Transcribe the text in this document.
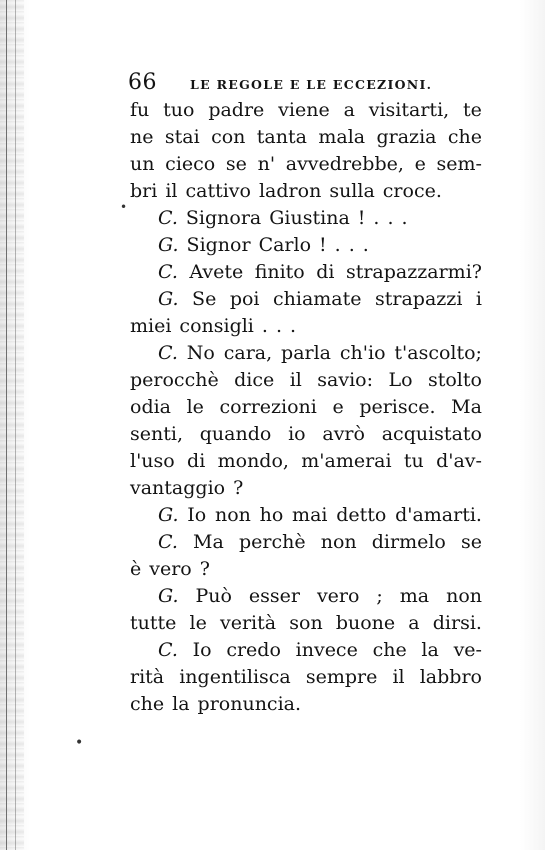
66	LE REGOLE E LE ECCEZIONI.
fu tuo padre viene a visitarti, te
ne stai con tanta mala grazia che
un cieco se n' avvedrebbe, e sem-
bri il cattivo ladron sulla croce.
C. Signora Giustina ! . . .
G. Signor Carlo ! . . .
C. Avete finito di strapazzarmi?
G. Se poi chiamate strapazzi i
miei consigli . . .
C. No cara, parla ch'io t'ascolto;
perocchè dice il savio: Lo stolto
odia le correzioni e perisce. Ma
senti, quando io avrò acquistato
l'uso di mondo, m'amerai tu d'av-
vantaggio ?
G. Io non ho mai detto d'amarti.
C. Ma perchè non dirmelo se
è vero ?
G. Può esser vero ; ma non
tutte le verità son buone a dirsi.
C. Io credo invece che la ve-
rità ingentilisca sempre il labbro
che la pronuncia.
•
•
